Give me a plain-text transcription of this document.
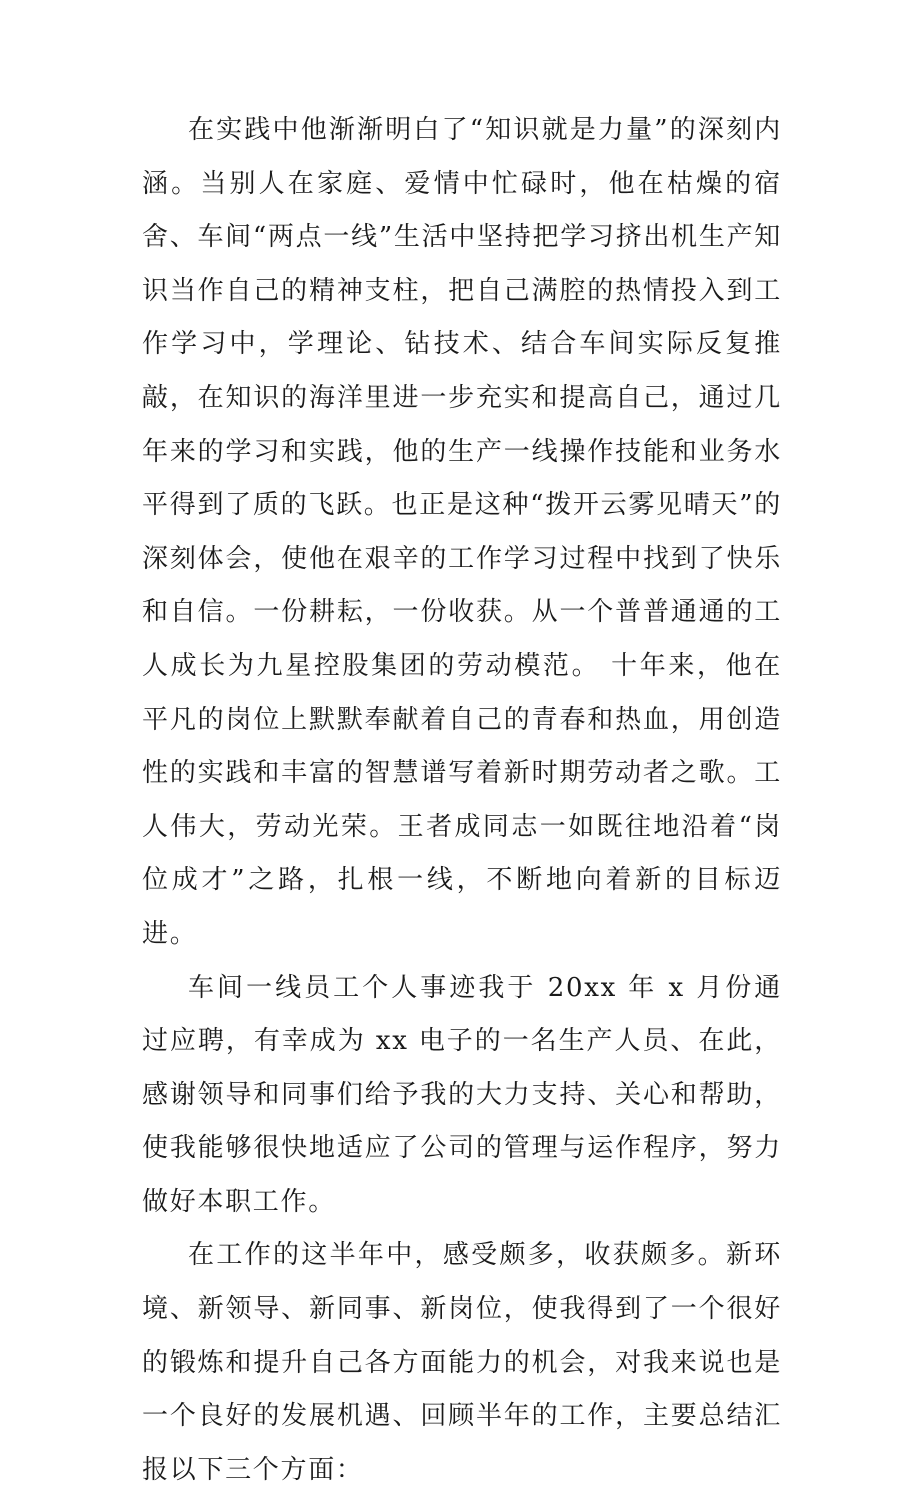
在实践中他渐渐明白了“知识就是力量”的深刻内涵。当别人在家庭、爱情中忙碌时，他在枯燥的宿舍、车间“两点一线”生活中坚持把学习挤出机生产知识当作自己的精神支柱，把自己满腔的热情投入到工作学习中，学理论、钻技术、结合车间实际反复推敲，在知识的海洋里进一步充实和提高自己，通过几年来的学习和实践，他的生产一线操作技能和业务水平得到了质的飞跃。也正是这种“拨开云雾见晴天”的深刻体会，使他在艰辛的工作学习过程中找到了快乐和自信。一份耕耘，一份收获。从一个普普通通的工人成长为九星控股集团的劳动模范。 十年来，他在平凡的岗位上默默奉献着自己的青春和热血，用创造性的实践和丰富的智慧谱写着新时期劳动者之歌。工人伟大，劳动光荣。王者成同志一如既往地沿着“岗位成才”之路，扎根一线，不断地向着新的目标迈进。

车间一线员工个人事迹我于 20xx 年 x 月份通过应聘，有幸成为 xx 电子的一名生产人员、在此，感谢领导和同事们给予我的大力支持、关心和帮助，使我能够很快地适应了公司的管理与运作程序，努力做好本职工作。

在工作的这半年中，感受颇多，收获颇多。新环境、新领导、新同事、新岗位，使我得到了一个很好的锻炼和提升自己各方面能力的机会，对我来说也是一个良好的发展机遇、回顾半年的工作，主要总结汇报以下三个方面：
